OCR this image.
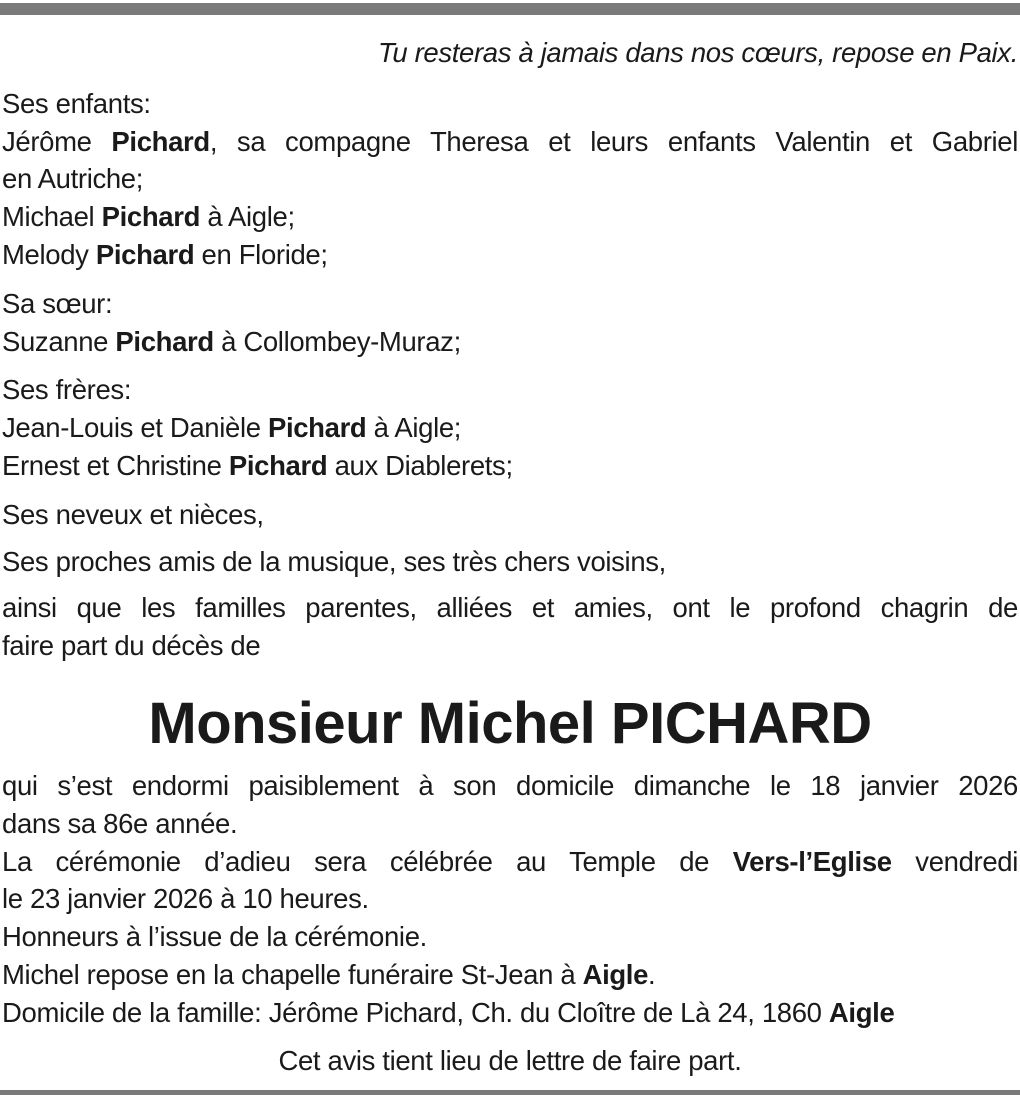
Tu resteras à jamais dans nos cœurs, repose en Paix.
Ses enfants:
Jérôme Pichard, sa compagne Theresa et leurs enfants Valentin et Gabriel
en Autriche;
Michael Pichard à Aigle;
Melody Pichard en Floride;
Sa sœur:
Suzanne Pichard à Collombey-Muraz;
Ses frères:
Jean-Louis et Danièle Pichard à Aigle;
Ernest et Christine Pichard aux Diablerets;
Ses neveux et nièces,
Ses proches amis de la musique, ses très chers voisins,
ainsi que les familles parentes, alliées et amies, ont le profond chagrin de
faire part du décès de
Monsieur Michel PICHARD
qui s’est endormi paisiblement à son domicile dimanche le 18 janvier 2026
dans sa 86e année.
La cérémonie d’adieu sera célébrée au Temple de Vers-l’Eglise vendredi
le 23 janvier 2026 à 10 heures.
Honneurs à l’issue de la cérémonie.
Michel repose en la chapelle funéraire St-Jean à Aigle.
Domicile de la famille: Jérôme Pichard, Ch. du Cloître de Là 24, 1860 Aigle
Cet avis tient lieu de lettre de faire part.
